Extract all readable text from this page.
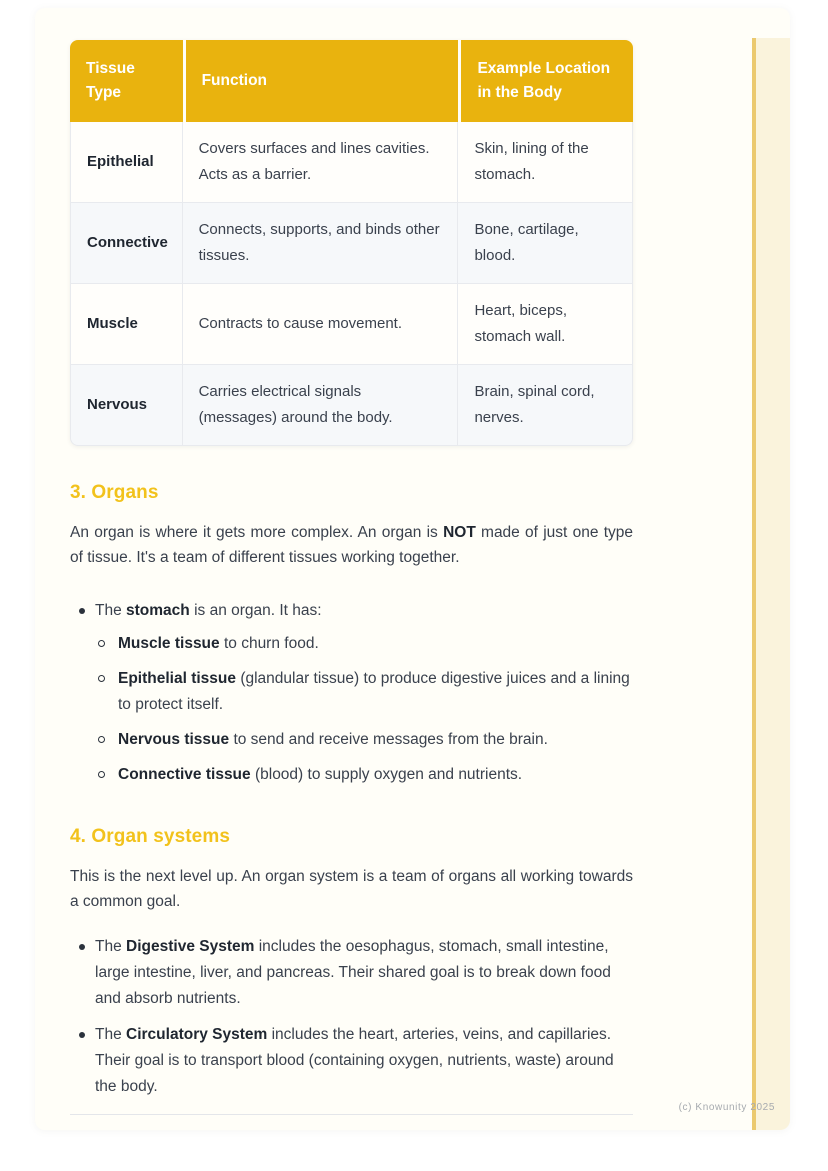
Tissue Type	Function	Example Location in the Body
Epithelial	Covers surfaces and lines cavities. Acts as a barrier.	Skin, lining of the stomach.
Connective	Connects, supports, and binds other tissues.	Bone, cartilage, blood.
Muscle	Contracts to cause movement.	Heart, biceps, stomach wall.
Nervous	Carries electrical signals (messages) around the body.	Brain, spinal cord, nerves.
3. Organs

An organ is where it gets more complex. An organ is NOT made of just one type of tissue. It's a team of different tissues working together.

The stomach is an organ. It has:
Muscle tissue to churn food.
Epithelial tissue (glandular tissue) to produce digestive juices and a lining to protect itself.
Nervous tissue to send and receive messages from the brain.
Connective tissue (blood) to supply oxygen and nutrients.
4. Organ systems

This is the next level up. An organ system is a team of organs all working towards a common goal.

The Digestive System includes the oesophagus, stomach, small intestine, large intestine, liver, and pancreas. Their shared goal is to break down food and absorb nutrients.
The Circulatory System includes the heart, arteries, veins, and capillaries. Their goal is to transport blood (containing oxygen, nutrients, waste) around the body.
(c) Knowunity 2025
